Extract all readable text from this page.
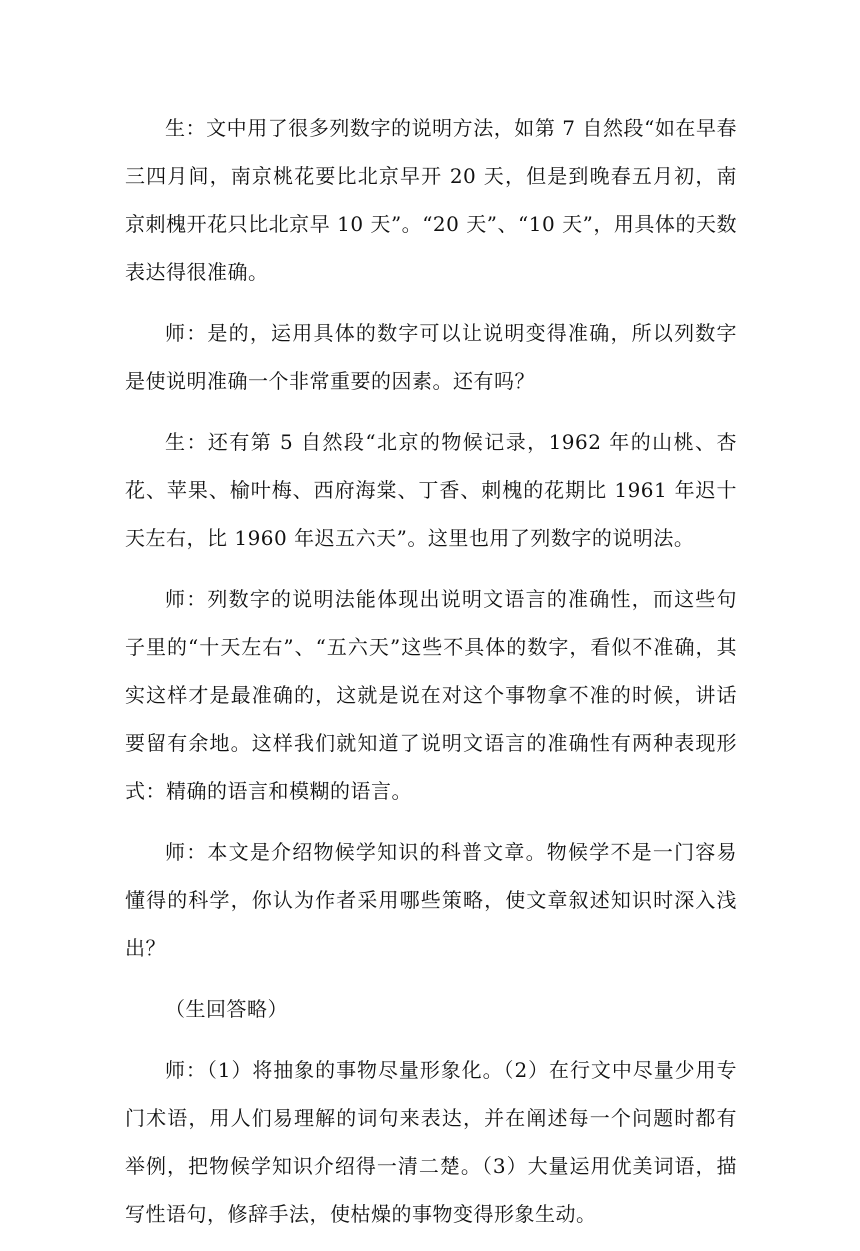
生：文中用了很多列数字的说明方法，如第 7 自然段“如在早春三四月间，南京桃花要比北京早开 20 天，但是到晚春五月初，南京刺槐开花只比北京早 10 天”。“20 天”、“10 天”，用具体的天数表达得很准确。

师：是的，运用具体的数字可以让说明变得准确，所以列数字是使说明准确一个非常重要的因素。还有吗？

生：还有第 5 自然段“北京的物候记录，1962 年的山桃、杏花、苹果、榆叶梅、西府海棠、丁香、刺槐的花期比 1961 年迟十天左右，比 1960 年迟五六天”。这里也用了列数字的说明法。

师：列数字的说明法能体现出说明文语言的准确性，而这些句子里的“十天左右”、“五六天”这些不具体的数字，看似不准确，其实这样才是最准确的，这就是说在对这个事物拿不准的时候，讲话要留有余地。这样我们就知道了说明文语言的准确性有两种表现形式：精确的语言和模糊的语言。

师：本文是介绍物候学知识的科普文章。物候学不是一门容易懂得的科学，你认为作者采用哪些策略，使文章叙述知识时深入浅出？

（生回答略）

师：（1）将抽象的事物尽量形象化。（2）在行文中尽量少用专门术语，用人们易理解的词句来表达，并在阐述每一个问题时都有举例，把物候学知识介绍得一清二楚。（3）大量运用优美词语，描写性语句，修辞手法，使枯燥的事物变得形象生动。
